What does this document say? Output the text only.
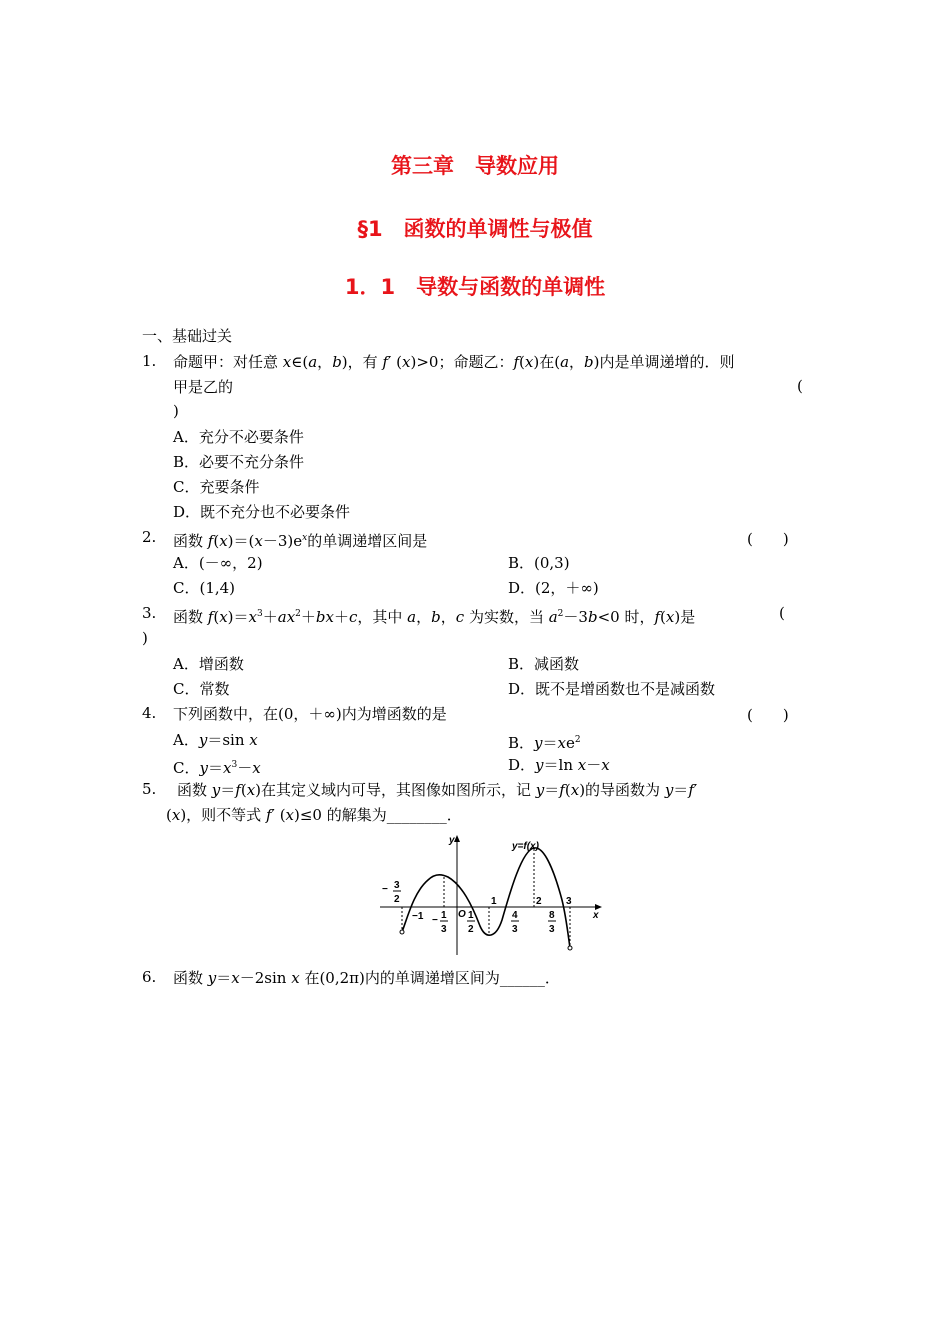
第三章　导数应用
§1　函数的单调性与极值
1．1　导数与函数的单调性
一、基础过关
1. 命题甲：对任意 x∈(a，b)，有 f′ (x)>0；命题乙：f(x)在(a，b)内是单调递增的．则
甲是乙的	(
)
A．充分不必要条件
B．必要不充分条件
C．充要条件
D．既不充分也不必要条件
2. 函数 $f(x)=(x-3)e^x$的单调递增区间是	(　　)
A．(－∞，2)	B．(0,3)
C．(1,4)	D．(2，＋∞)
3. 函数 $f(x)=x^3+ax^2+bx+c$，其中 a，b，c 为实数，当 $a^2-3b<0$ 时，f(x)是	(
)
A．增函数	B．减函数
C．常数	D．既不是增函数也不是减函数
4. 下列函数中，在(0，＋∞)内为增函数的是	(　　)
A．y＝sin x	B．$y=xe^2$
C．$y=x^3-x$	D．y＝ln x－x
5. 函数 y＝f(x)在其定义域内可导，其图像如图所示，记 y＝f(x)的导函数为 y＝f′
(x)，则不等式 f′ (x)≤0 的解集为________．
x
y
O
y=f(x)
− 3
2
−1 − 1
3
1
2
1
4
3
2
8
3
3
6. 函数 y＝x－2sin x 在(0,2π)内的单调递增区间为______．
